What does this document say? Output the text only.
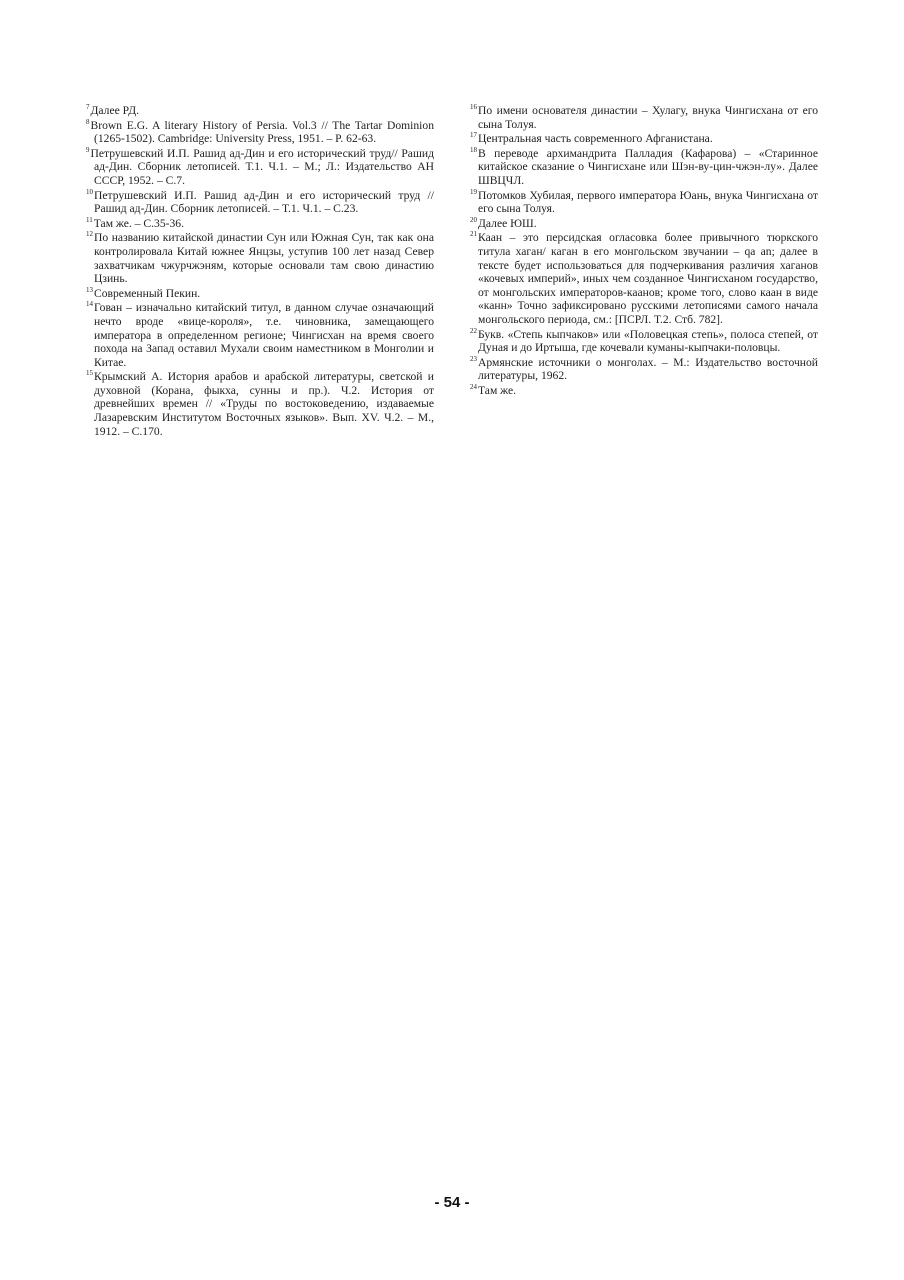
$^7$Далее РД.

$^8$Brown E.G. A literary History of Persia. Vol.3 // The Tartar Dominion (1265-1502). Cambridge: University Press, 1951. – P. 62-63.

$^9$Петрушевский И.П. Рашид ад-Дин и его исторический труд// Рашид ад-Дин. Сборник летописей. Т.1. Ч.1. – М.; Л.: Издательство АН СССР, 1952. – С.7.

$^{10}$Петрушевский И.П. Рашид ад-Дин и его исторический труд // Рашид ад-Дин. Сборник летописей. – Т.1. Ч.1. – С.23.

$^{11}$Там же. – С.35-36.

$^{12}$По названию китайской династии Сун или Южная Сун, так как она контролировала Китай южнее Янцзы, уступив 100 лет назад Север захватчикам чжурчжэням, которые основали там свою династию Цзинь.

$^{13}$Современный Пекин.

$^{14}$Гован – изначально китайский титул, в данном случае означающий нечто вроде «вице-короля», т.е. чиновника, замещающего императора в определенном регионе; Чингисхан на время своего похода на Запад оставил Мухали своим наместником в Монголии и Китае.

$^{15}$Крымский А. История арабов и арабской литературы, светской и духовной (Корана, фыкха, сунны и пр.). Ч.2. История от древнейших времен // «Труды по востоковедению, издаваемые Лазаревским Институтом Восточных языков». Вып. XV. Ч.2. – М., 1912. – С.170.

$^{16}$По имени основателя династии – Хулагу, внука Чингисхана от его сына Толуя.

$^{17}$Центральная часть современного Афганистана.

$^{18}$В переводе архимандрита Палладия (Кафарова) – «Старинное китайское сказание о Чингисхане или Шэн-ву-цин-чжэн-лу». Далее ШВЦЧЛ.

$^{19}$Потомков Хубилая, первого императора Юань, внука Чингисхана от его сына Толуя.

$^{20}$Далее ЮШ.

$^{21}$Каан – это персидская огласовка более привычного тюркского титула хаган/ каган в его монгольском звучании – qa an; далее в тексте будет использоваться для подчеркивания различия хаганов «кочевых империй», иных чем созданное Чингисханом государство, от монгольских императоров-каанов; кроме того, слово каан в виде «канн» Точно зафиксировано русскими летописями самого начала монгольского периода, см.: [ПСРЛ. Т.2. Стб. 782].

$^{22}$Букв. «Степь кыпчаков» или «Половецкая степь», полоса степей, от Дуная и до Иртыша, где кочевали куманы-кыпчаки-половцы.

$^{23}$Армянские источники о монголах. – М.: Издательство восточной литературы, 1962.

$^{24}$Там же.

- 54 -
